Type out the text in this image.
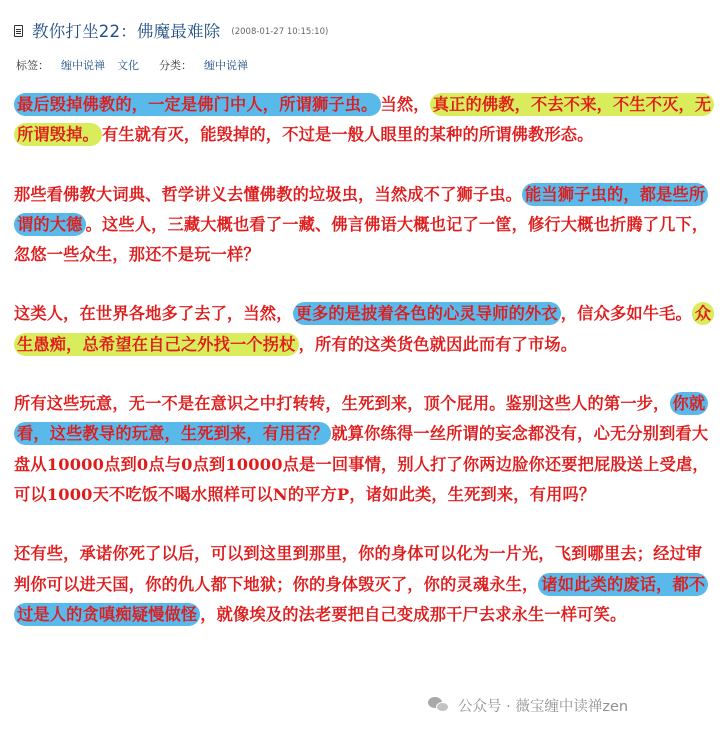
教你打坐22：佛魔最难除 (2008-01-27 10:15:10)
标签： 缠中说禅 文化 分类： 缠中说禅

最后毁掉佛教的，一定是佛门中人，所谓狮子虫。 当然， 真正的佛教，不去不来，不生不灭，无所谓毁掉。 有生就有灭，能毁掉的，不过是一般人眼里的某种的所谓佛教形态。

那些看佛教大词典、哲学讲义去懂佛教的垃圾虫，当然成不了狮子虫。 能当狮子虫的，都是些所谓的大德 。这些人，三藏大概也看了一藏、佛言佛语大概也记了一筐，修行大概也折腾了几下，忽悠一些众生，那还不是玩一样？

这类人，在世界各地多了去了，当然， 更多的是披着各色的心灵导师的外衣 ，信众多如牛毛。 众生愚痴，总希望在自己之外找一个拐杖 ，所有的这类货色就因此而有了市场。

所有这些玩意，无一不是在意识之中打转转，生死到来，顶个屁用。鉴别这些人的第一步， 你就看，这些教导的玩意，生死到来，有用否？ 就算你练得一丝所谓的妄念都没有，心无分别到看大盘从10000点到0点与0点到10000点是一回事情，别人打了你两边脸你还要把屁股送上受虐，可以1000天不吃饭不喝水照样可以N的平方P，诸如此类，生死到来，有用吗？

还有些，承诺你死了以后，可以到这里到那里，你的身体可以化为一片光，飞到哪里去；经过审判你可以进天国，你的仇人都下地狱；你的身体毁灭了，你的灵魂永生， 诸如此类的废话，都不过是人的贪嗔痴疑慢做怪 ，就像埃及的法老要把自己变成那干尸去求永生一样可笑。

公众号 · 薇宝缠中读禅zen
